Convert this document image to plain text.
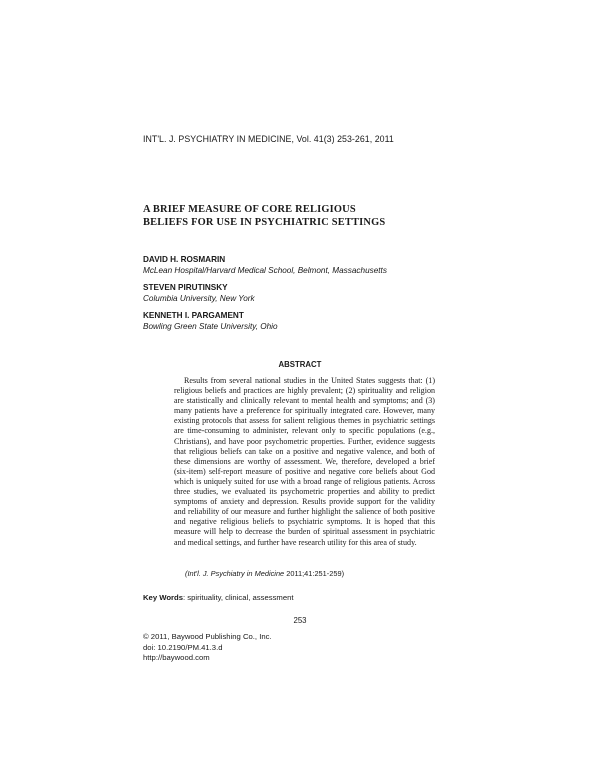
INT'L. J. PSYCHIATRY IN MEDICINE, Vol. 41(3) 253-261, 2011
A BRIEF MEASURE OF CORE RELIGIOUS
BELIEFS FOR USE IN PSYCHIATRIC SETTINGS
DAVID H. ROSMARIN
McLean Hospital/Harvard Medical School, Belmont, Massachusetts
STEVEN PIRUTINSKY
Columbia University, New York
KENNETH I. PARGAMENT
Bowling Green State University, Ohio
ABSTRACT
Results from several national studies in the United States suggests that: (1) religious beliefs and practices are highly prevalent; (2) spirituality and religion are statistically and clinically relevant to mental health and symptoms; and (3) many patients have a preference for spiritually integrated care. However, many existing protocols that assess for salient religious themes in psychiatric settings are time-consuming to administer, relevant only to specific populations (e.g., Christians), and have poor psychometric properties. Further, evidence suggests that religious beliefs can take on a positive and negative valence, and both of these dimensions are worthy of assessment. We, therefore, developed a brief (six-item) self-report measure of positive and negative core beliefs about God which is uniquely suited for use with a broad range of religious patients. Across three studies, we evaluated its psychometric properties and ability to predict symptoms of anxiety and depression. Results provide support for the validity and reliability of our measure and further highlight the salience of both positive and negative religious beliefs to psychiatric symptoms. It is hoped that this measure will help to decrease the burden of spiritual assessment in psychiatric and medical settings, and further have research utility for this area of study.
(Int'l. J. Psychiatry in Medicine 2011;41:251-259)
Key Words: spirituality, clinical, assessment
253
© 2011, Baywood Publishing Co., Inc.
doi: 10.2190/PM.41.3.d
http://baywood.com
